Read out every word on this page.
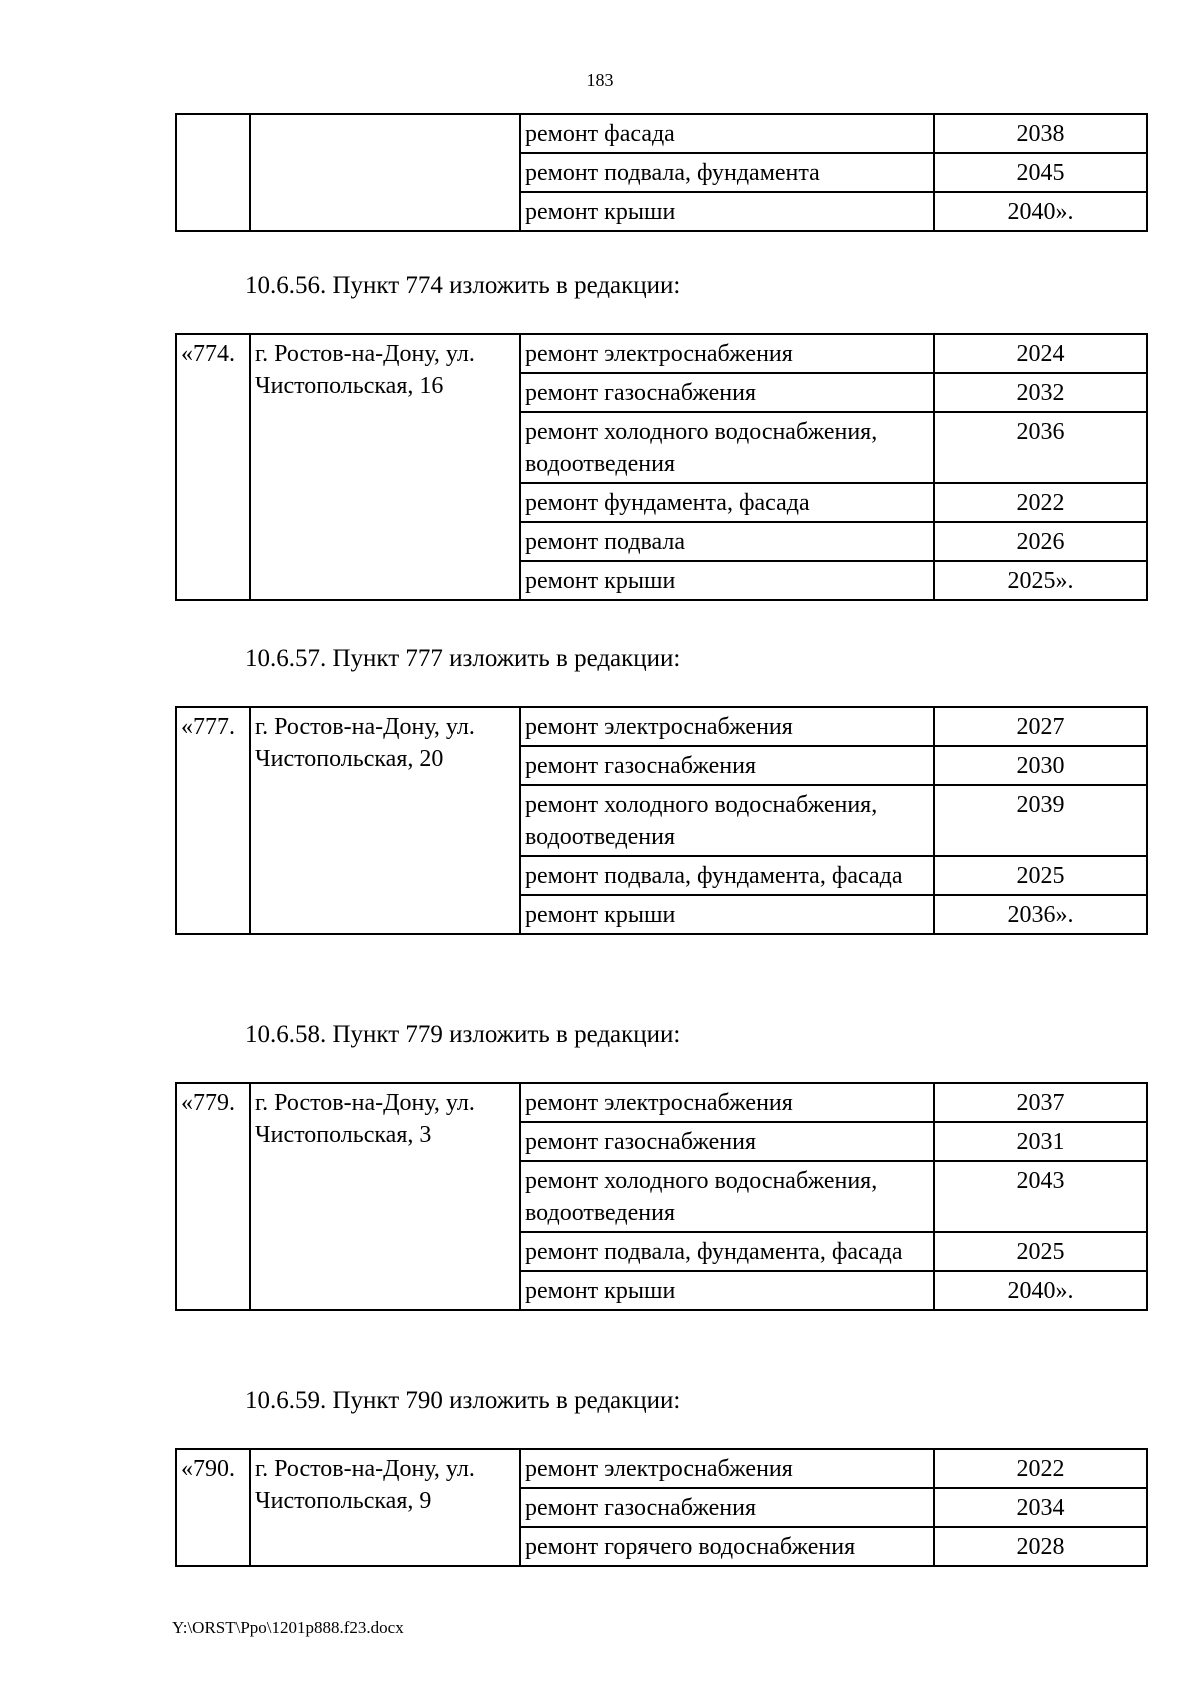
183
		ремонт фасада	2038
		ремонт подвала, фундамента	2045
		ремонт крыши	2040».
10.6.56. Пункт 774 изложить в редакции:
«774.	г. Ростов-на-Дону, ул. Чистопольская, 16	ремонт электроснабжения	2024
		ремонт газоснабжения	2032
		ремонт холодного водоснабжения, водоотведения	2036
		ремонт фундамента, фасада	2022
		ремонт подвала	2026
		ремонт крыши	2025».
10.6.57. Пункт 777 изложить в редакции:
«777.	г. Ростов-на-Дону, ул. Чистопольская, 20	ремонт электроснабжения	2027
		ремонт газоснабжения	2030
		ремонт холодного водоснабжения, водоотведения	2039
		ремонт подвала, фундамента, фасада	2025
		ремонт крыши	2036».
10.6.58. Пункт 779 изложить в редакции:
«779.	г. Ростов-на-Дону, ул. Чистопольская, 3	ремонт электроснабжения	2037
		ремонт газоснабжения	2031
		ремонт холодного водоснабжения, водоотведения	2043
		ремонт подвала, фундамента, фасада	2025
		ремонт крыши	2040».
10.6.59. Пункт 790 изложить в редакции:
«790.	г. Ростов-на-Дону, ул. Чистопольская, 9	ремонт электроснабжения	2022
		ремонт газоснабжения	2034
		ремонт горячего водоснабжения	2028
Y:\ORST\Ppo\1201p888.f23.docx
